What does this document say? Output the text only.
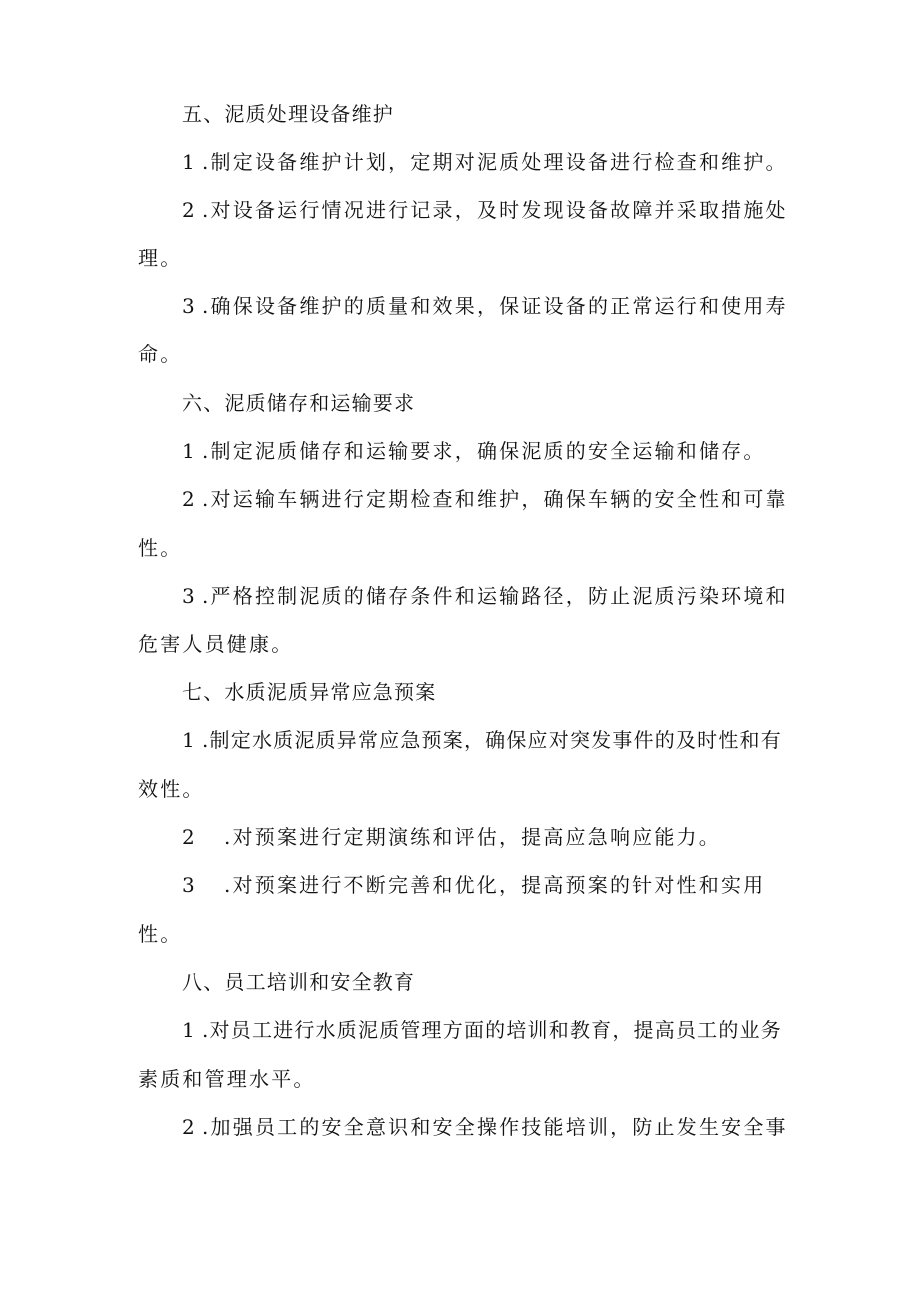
五、泥质处理设备维护
1 .制定设备维护计划，定期对泥质处理设备进行检查和维护。
2 .对设备运行情况进行记录，及时发现设备故障并采取措施处
理。
3 .确保设备维护的质量和效果，保证设备的正常运行和使用寿
命。
六、泥质储存和运输要求
1 .制定泥质储存和运输要求，确保泥质的安全运输和储存。
2 .对运输车辆进行定期检查和维护，确保车辆的安全性和可靠
性。
3 .严格控制泥质的储存条件和运输路径，防止泥质污染环境和
危害人员健康。
七、水质泥质异常应急预案
1 .制定水质泥质异常应急预案，确保应对突发事件的及时性和有
效性。
2 .对预案进行定期演练和评估，提高应急响应能力。
3 .对预案进行不断完善和优化，提高预案的针对性和实用
性。
八、员工培训和安全教育
1 .对员工进行水质泥质管理方面的培训和教育，提高员工的业务
素质和管理水平。
2 .加强员工的安全意识和安全操作技能培训，防止发生安全事
